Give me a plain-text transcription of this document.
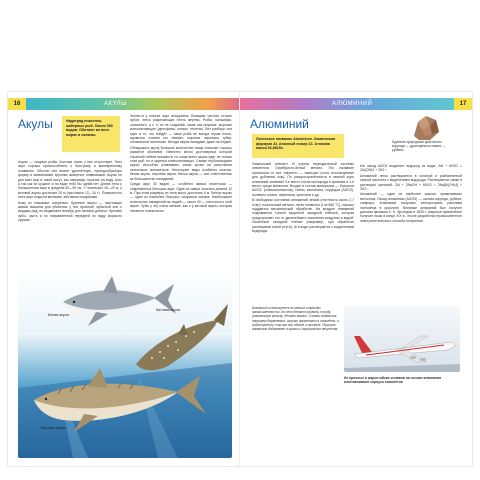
16	АКУЛЫ
Акулы	Надотряд пластино-жаберных рыб. Около 350 видов. Обитают во всех морях и океанах.

Акулы — хищные рыбы. Костная ткань у них отсутствует. Тело акул хорошо приспособлено к быстрому и маневренному плаванию. Обычно они имеют удлинённую, торпедообразную форму и захватывают крупных животных плавниками. Акулы не для всех мор в такой могут, как например, прыгать на воду, трос а так как их кушают и на виде тебя бы одний нет. Длина тела у большинства акул в среднем 60—90 см. У гигантских 15—20 м, у китовой акулы достигает 20 м (при массе 12—14 т). Поверхность тела акул покрыта мелкими, жёсткими чешуйками.

Кожу их называют шагренью. Крупные акулы — настоящие живые машины для убийства: у них прочный, зубастый зев, с каждым ряд, их выдвигают вперёд для захвата добычи. Крепкие зубы, часто и по направленной передней по виду морского оружия.

Челюсти у многих акул вооружены большим числом острых зубов, легко разрезающих плоть жертвы. Рыбы, кальмары, осьминоги, а т. п. из не созданий, такие как морские, морские млекопитающие (дельфины, котики, тюлени). Без разбору они едят и то, что пойдёт — сама рыба не всегда отрыв плоть, ядовитых совсем кто хватает, морские черепахи, губки, головоногие моллюски. Иногда акулы нападают даже на людей.

Обнаружить акулу большое количество пищи помогает хорошо развитое обоняние. Известно много достоверных историй странной гибели множеств, но чаще всего акулы едят не только стаи рыб, но и крупных млекопитающих. Самые глубоководные акулы способны улавливать запах крови на расстоянии нескольких километров. Некоторые виды особенно опасны: белая акула, тигровая акула, бычья акула — они ответственны за большинство нападений.

Среди акул 30 видов — особенно живых гигантская — современных больших акул. Одна из самых опасных длиной 12 м. При этом размеры их тела могут достигать 6 м. Белые акулы — одни из наиболее быстрых хищников океана. Наибольшее количество нападений на людей — около 40 — относится к этой акуле. Зубы у эту очень мелкие, как и у китовой акулы, которая питается планктоном.

Белая акула
Китовая акула
Тигровая акула
АЛЮМИНИЙ	17
Алюминий
Латинское название Aluminium. Химическая формула Al. Атомный номер 13. Атомная масса 26,98154.
Крупные природные кристаллы корунда — драгоценные камни — рубины

Химический элемент III группы периодической системы элементов. Серебристо-белый металл. Его название произошло от лат. «alumen» — «квасцы» (соли, используемые для дубления кож). По распространённости в земной коре алюминий занимает 3-е место после кислорода и кремния и 1-е место среди металлов. Входит в состав минералов — бокситов Al2O3, (алюмосиликатов), глины, каолинита, корундов (Al2O3), полевого шпата, нефелина, криолита и др.

В свободном состоянии алюминий лёгкий (плотность около 2,7 г/см³), пластичный металл, легко плавится (t пл 660 °C), хорошо поддаётся механической обработке. На воздухе алюминий покрывается тонкой защитной оксидной плёнкой, которая предохраняет его от дальнейшего окисления воздухом и водой. Лишённый оксидной плёнки (например, при обработке растворами солей ртути), Al в воде растворяется с выделением водорода.

его оксид Al2O3 выделяет водород из воды: 2Al + 6H2O = 2Al(OH)3 + 3H2↑.

Алюминий легко растворяется в соляной и разбавленной серной кислотах с выделением водорода. Растворяется также в растворах щелочей: 2Al + 2NaOH + 6H2O = 2Na[Al(OH)4] + 3H2↑.

Алюминий — один из наиболее широко применяемых металлов. Оксид алюминия (Al2O3) — основа корунда, рубина, сапфира. Алюминий получают электролизом расплава глинозёма в криолите. Впервые алюминий был получен датским физиком Х. К. Эрстедом в 1825 г. Широкое применение получил лишь в конце XIX в., после разработки промышленного электролитического способа получения.

Алюминий используется во многих отраслях промышленности. Из него делают провода, посуду, упаковочную фольгу, детали машин. Сплавы алюминия, например дюралюмин, широко применяют в самолёто- и судостроении, так как они лёгкие и прочные. Порошок алюминия добавляют в краски и взрывчатые вещества.
Из прочных и жаростойких сплавов на основе алюминия изготавливают корпуса самолётов
